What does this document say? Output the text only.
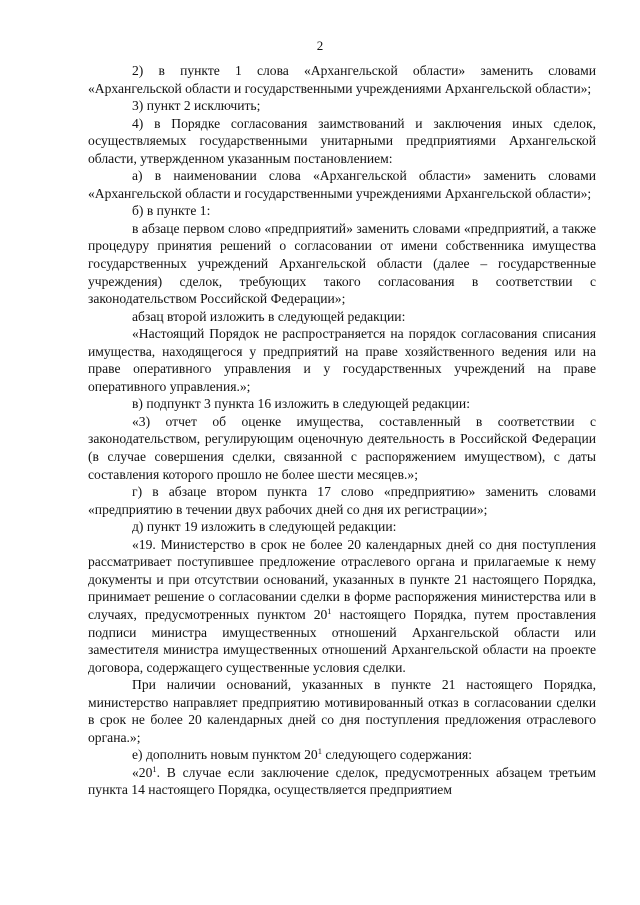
2

2) в пункте 1 слова «Архангельской области» заменить словами «Архангельской области и государственными учреждениями Архангельской области»;

3) пункт 2 исключить;

4) в Порядке согласования заимствований и заключения иных сделок, осуществляемых государственными унитарными предприятиями Архангельской области, утвержденном указанным постановлением:

а) в наименовании слова «Архангельской области» заменить словами «Архангельской области и государственными учреждениями Архангельской области»;

б) в пункте 1:

в абзаце первом слово «предприятий» заменить словами «предприятий, а также процедуру принятия решений о согласовании от имени собственника имущества государственных учреждений Архангельской области (далее – государственные учреждения) сделок, требующих такого согласования в соответствии с законодательством Российской Федерации»;

абзац второй изложить в следующей редакции:

«Настоящий Порядок не распространяется на порядок согласования списания имущества, находящегося у предприятий на праве хозяйственного ведения или на праве оперативного управления и у государственных учреждений на праве оперативного управления.»;

в) подпункт 3 пункта 16 изложить в следующей редакции:

«3) отчет об оценке имущества, составленный в соответствии с законодательством, регулирующим оценочную деятельность в Российской Федерации (в случае совершения сделки, связанной с распоряжением имуществом), с даты составления которого прошло не более шести месяцев.»;

г) в абзаце втором пункта 17 слово «предприятию» заменить словами «предприятию в течении двух рабочих дней со дня их регистрации»;

д) пункт 19 изложить в следующей редакции:

«19. Министерство в срок не более 20 календарных дней со дня поступления рассматривает поступившее предложение отраслевого органа и прилагаемые к нему документы и при отсутствии оснований, указанных в пункте 21 настоящего Порядка, принимает решение о согласовании сделки в форме распоряжения министерства или в случаях, предусмотренных пунктом $20^1$ настоящего Порядка, путем проставления подписи министра имущественных отношений Архангельской области или заместителя министра имущественных отношений Архангельской области на проекте договора, содержащего существенные условия сделки.

При наличии оснований, указанных в пункте 21 настоящего Порядка, министерство направляет предприятию мотивированный отказ в согласовании сделки в срок не более 20 календарных дней со дня поступления предложения отраслевого органа.»;

е) дополнить новым пунктом $20^1$ следующего содержания:

«$20^1$. В случае если заключение сделок, предусмотренных абзацем третьим пункта 14 настоящего Порядка, осуществляется предприятием
